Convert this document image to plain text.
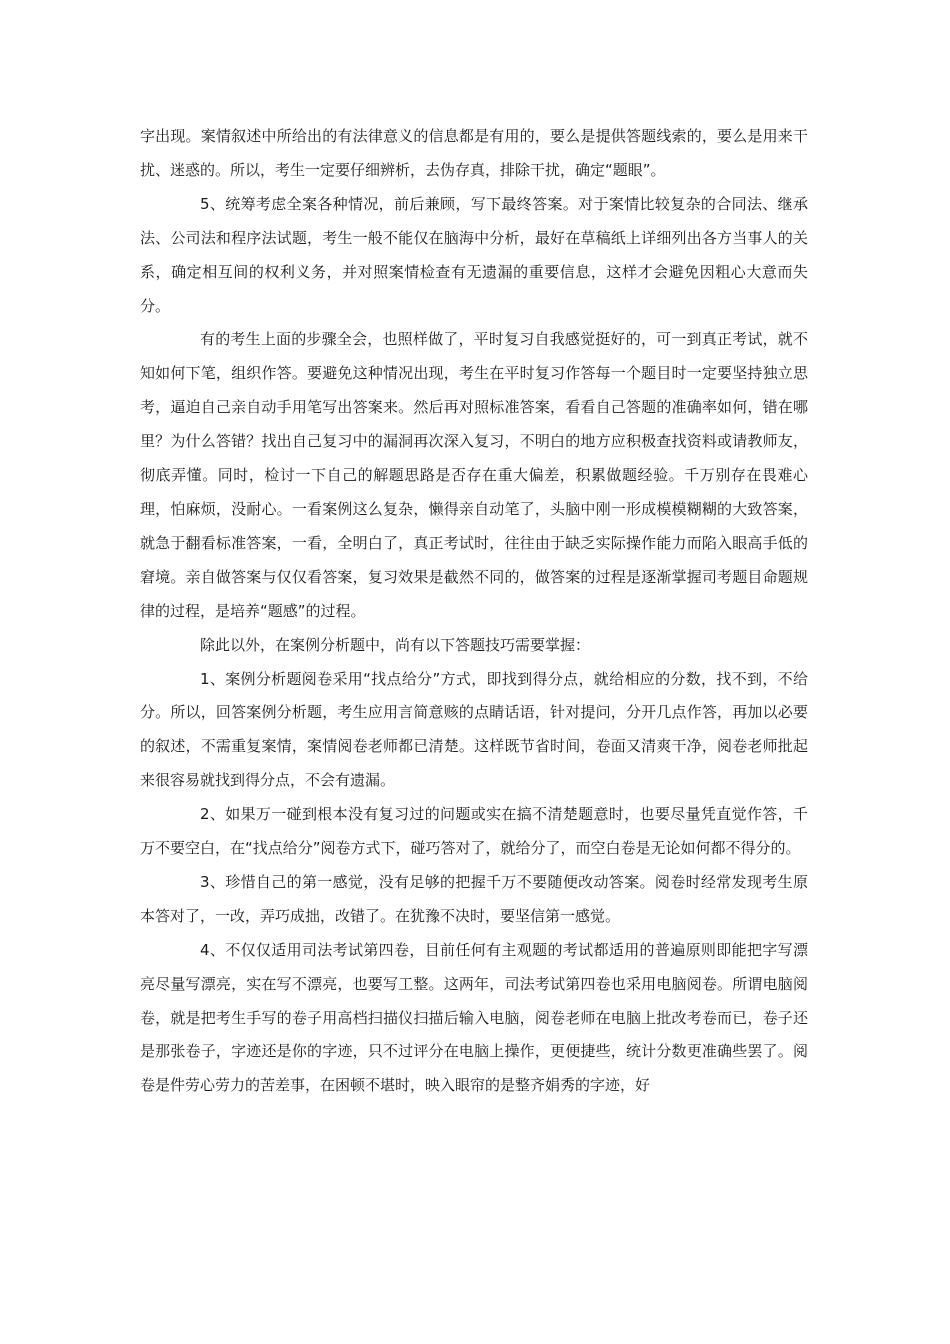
字出现。案情叙述中所给出的有法律意义的信息都是有用的，要么是提供答题线索的，要么是用来干扰、迷惑的。所以，考生一定要仔细辨析，去伪存真，排除干扰，确定“题眼”。

5、统筹考虑全案各种情况，前后兼顾，写下最终答案。对于案情比较复杂的合同法、继承法、公司法和程序法试题，考生一般不能仅在脑海中分析，最好在草稿纸上详细列出各方当事人的关系，确定相互间的权利义务，并对照案情检查有无遗漏的重要信息，这样才会避免因粗心大意而失分。

有的考生上面的步骤全会，也照样做了，平时复习自我感觉挺好的，可一到真正考试，就不知如何下笔，组织作答。要避免这种情况出现，考生在平时复习作答每一个题目时一定要坚持独立思考，逼迫自己亲自动手用笔写出答案来。然后再对照标准答案，看看自己答题的准确率如何，错在哪里？为什么答错？找出自己复习中的漏洞再次深入复习，不明白的地方应积极查找资料或请教师友，彻底弄懂。同时，检讨一下自己的解题思路是否存在重大偏差，积累做题经验。千万别存在畏难心理，怕麻烦，没耐心。一看案例这么复杂，懒得亲自动笔了，头脑中刚一形成模模糊糊的大致答案，就急于翻看标准答案，一看，全明白了，真正考试时，往往由于缺乏实际操作能力而陷入眼高手低的窘境。亲自做答案与仅仅看答案，复习效果是截然不同的，做答案的过程是逐渐掌握司考题目命题规律的过程，是培养“题感”的过程。

除此以外，在案例分析题中，尚有以下答题技巧需要掌握：

1、案例分析题阅卷采用“找点给分”方式，即找到得分点，就给相应的分数，找不到，不给分。所以，回答案例分析题，考生应用言简意赅的点睛话语，针对提问，分开几点作答，再加以必要的叙述，不需重复案情，案情阅卷老师都已清楚。这样既节省时间，卷面又清爽干净，阅卷老师批起来很容易就找到得分点，不会有遗漏。

2、如果万一碰到根本没有复习过的问题或实在搞不清楚题意时，也要尽量凭直觉作答，千万不要空白，在“找点给分”阅卷方式下，碰巧答对了，就给分了，而空白卷是无论如何都不得分的。

3、珍惜自己的第一感觉，没有足够的把握千万不要随便改动答案。阅卷时经常发现考生原本答对了，一改，弄巧成拙，改错了。在犹豫不决时，要坚信第一感觉。

4、不仅仅适用司法考试第四卷，目前任何有主观题的考试都适用的普遍原则即能把字写漂亮尽量写漂亮，实在写不漂亮，也要写工整。这两年，司法考试第四卷也采用电脑阅卷。所谓电脑阅卷，就是把考生手写的卷子用高档扫描仪扫描后输入电脑，阅卷老师在电脑上批改考卷而已，卷子还是那张卷子，字迹还是你的字迹，只不过评分在电脑上操作，更便捷些，统计分数更准确些罢了。阅卷是件劳心劳力的苦差事，在困顿不堪时，映入眼帘的是整齐娟秀的字迹，好
